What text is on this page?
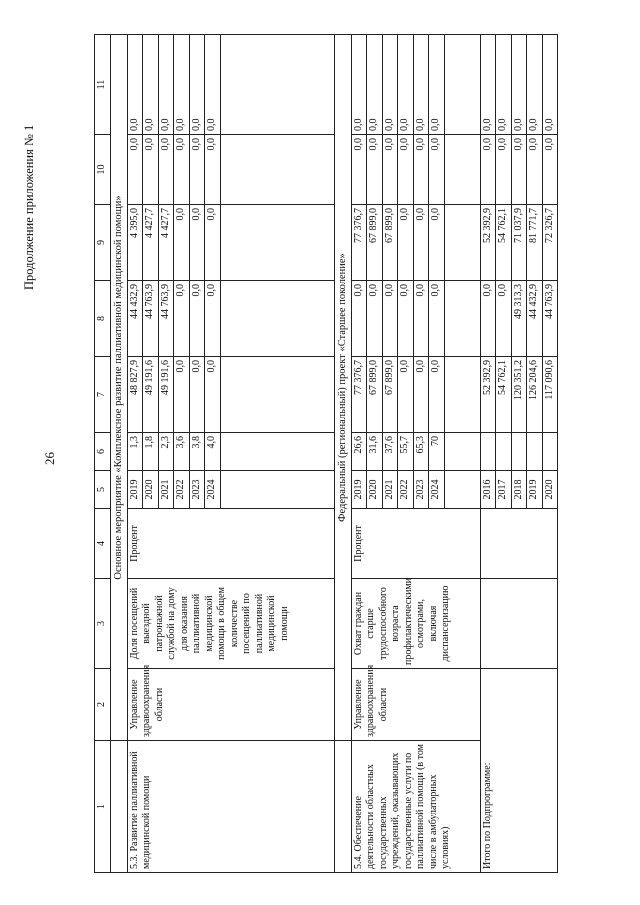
26
Продолжение приложения № 1
1	2	3	4	5	6	7	8	9	10	11
	Основное мероприятие «Комплексное развитие паллиативной медицинской помощи»									
5.3. Развитие паллиативной медицинской помощи	Управление здравоохранения области	Доля посещений выездной патронажной службой на дому для оказания паллиативной медицинской помощи в общем количестве посещений по паллиативной медицинской помощи	Процент	2019	1,3	48 827,9	44 432,9	4 395,0	0,0	0,0
				2020	1,8	49 191,6	44 763,9	4 427,7	0,0	0,0
				2021	2,3	49 191,6	44 763,9	4 427,7	0,0	0,0
				2022	3,6	0,0	0,0	0,0	0,0	0,0
				2023	3,8	0,0	0,0	0,0	0,0	0,0
				2024	4,0	0,0	0,0	0,0	0,0	0,0

	Федеральный (региональный) проект «Старшее поколение»									
5.4. Обеспечение деятельности областных государственных учреждений, оказывающих государственные услуги по паллиативной помощи (в том числе в амбулаторных условиях)	Управление здравоохранения области	Охват граждан старше трудоспособного возраста профилактическими осмотрами, включая диспансеризацию	Процент	2019	26,6	77 376,7	0,0	77 376,7	0,0	0,0
				2020	31,6	67 899,0	0,0	67 899,0	0,0	0,0
				2021	37,6	67 899,0	0,0	67 899,0	0,0	0,0
				2022	55,7	0,0	0,0	0,0	0,0	0,0
				2023	65,3	0,0	0,0	0,0	0,0	0,0
				2024	70	0,0	0,0	0,0	0,0	0,0

Итого по Подпрограмме:				2016		52 392,9	0,0	52 392,9	0,0	0,0
				2017		54 762,1	0,0	54 762,1	0,0	0,0
				2018		120 351,2	49 313,3	71 037,9	0,0	0,0
				2019		126 204,6	44 432,9	81 771,7	0,0	0,0
				2020		117 090,6	44 763,9	72 326,7	0,0	0,0
